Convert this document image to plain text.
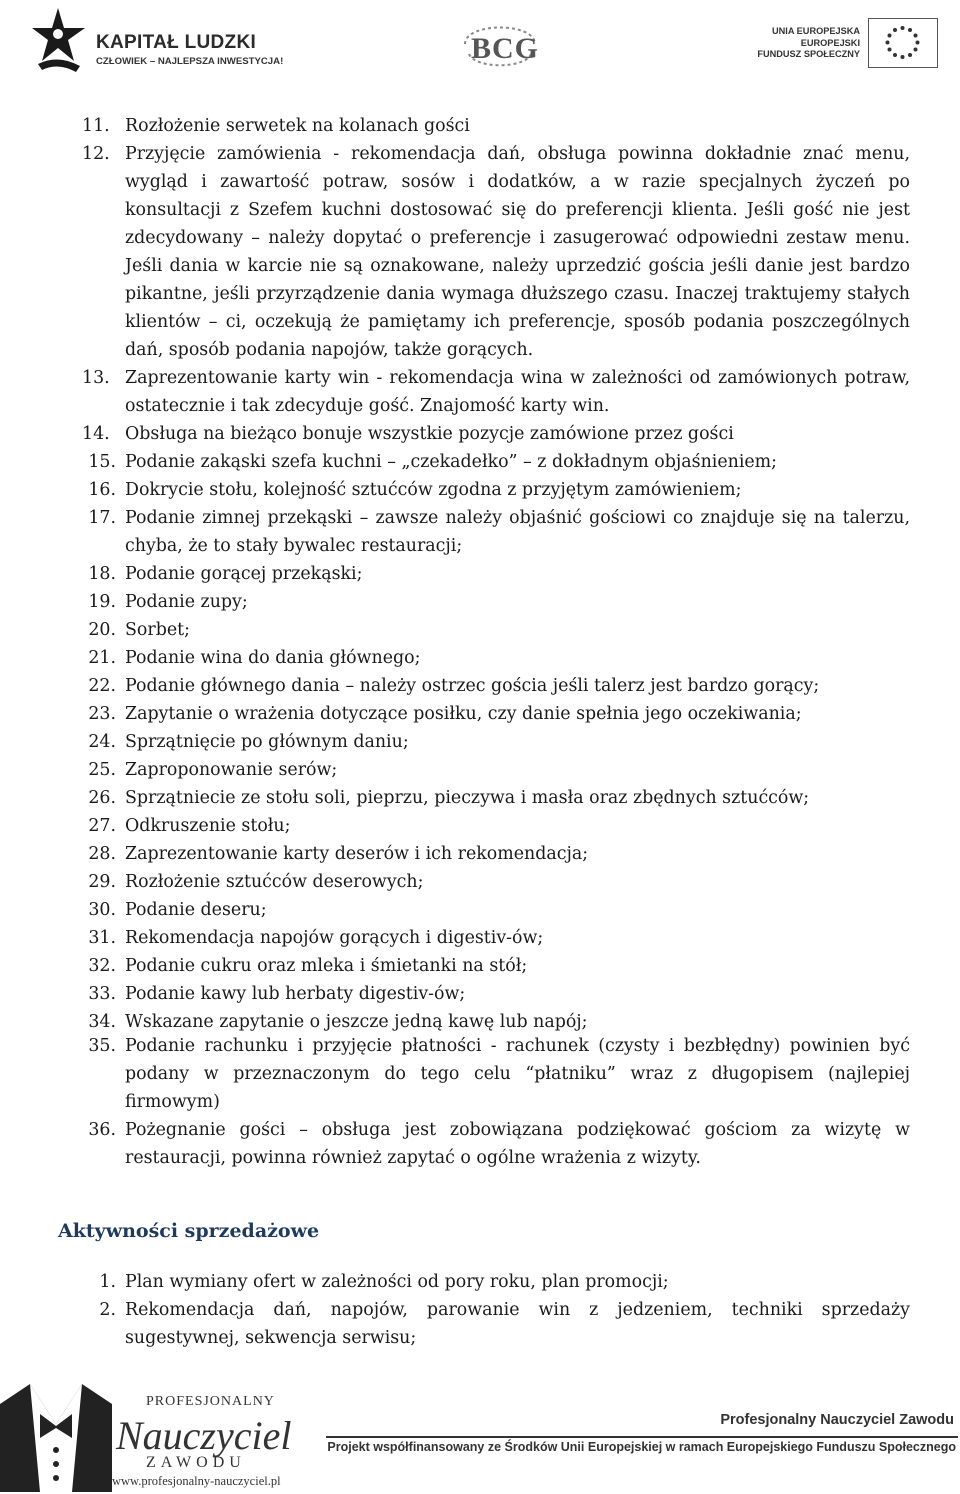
KAPITAŁ LUDZKI
CZŁOWIEK – NAJLEPSZA INWESTYCJA!	BCG
UNIA EUROPEJSKA
EUROPEJSKI
FUNDUSZ SPOŁECZNY
11. Rozłożenie serwetek na kolanach gości
12. Przyjęcie zamówienia - rekomendacja dań, obsługa powinna dokładnie znać menu, wygląd i zawartość potraw, sosów i dodatków, a w razie specjalnych życzeń po konsultacji z Szefem kuchni dostosować się do preferencji klienta. Jeśli gość nie jest zdecydowany – należy dopytać o preferencje i zasugerować odpowiedni zestaw menu. Jeśli dania w karcie nie są oznakowane, należy uprzedzić gościa jeśli danie jest bardzo pikantne, jeśli przyrządzenie dania wymaga dłuższego czasu. Inaczej traktujemy stałych klientów – ci, oczekują że pamiętamy ich preferencje, sposób podania poszczególnych dań, sposób podania napojów, także gorących.
13. Zaprezentowanie karty win - rekomendacja wina w zależności od zamówionych potraw, ostatecznie i tak zdecyduje gość. Znajomość karty win.
14. Obsługa na bieżąco bonuje wszystkie pozycje zamówione przez gości
15. Podanie zakąski szefa kuchni – „czekadełko” – z dokładnym objaśnieniem;
16. Dokrycie stołu, kolejność sztućców zgodna z przyjętym zamówieniem;
17. Podanie zimnej przekąski – zawsze należy objaśnić gościowi co znajduje się na talerzu, chyba, że to stały bywalec restauracji;
18. Podanie gorącej przekąski;
19. Podanie zupy;
20. Sorbet;
21. Podanie wina do dania głównego;
22. Podanie głównego dania – należy ostrzec gościa jeśli talerz jest bardzo gorący;
23. Zapytanie o wrażenia dotyczące posiłku, czy danie spełnia jego oczekiwania;
24. Sprzątnięcie po głównym daniu;
25. Zaproponowanie serów;
26. Sprzątniecie ze stołu soli, pieprzu, pieczywa i masła oraz zbędnych sztućców;
27. Odkruszenie stołu;
28. Zaprezentowanie karty deserów i ich rekomendacja;
29. Rozłożenie sztućców deserowych;
30. Podanie deseru;
31. Rekomendacja napojów gorących i digestiv-ów;
32. Podanie cukru oraz mleka i śmietanki na stół;
33. Podanie kawy lub herbaty digestiv-ów;
34. Wskazane zapytanie o jeszcze jedną kawę lub napój;
35. Podanie rachunku i przyjęcie płatności - rachunek (czysty i bezbłędny) powinien być podany w przeznaczonym do tego celu “płatniku” wraz z długopisem (najlepiej firmowym)
36. Pożegnanie gości – obsługa jest zobowiązana podziękować gościom za wizytę w restauracji, powinna również zapytać o ogólne wrażenia z wizyty.
Aktywności sprzedażowe
1. Plan wymiany ofert w zależności od pory roku, plan promocji;
2. Rekomendacja dań, napojów, parowanie win z jedzeniem, techniki sprzedaży sugestywnej, sekwencja serwisu;
PROFESJONALNY
Nauczyciel
ZAWODU
www.profesjonalny-nauczyciel.pl
Profesjonalny Nauczyciel Zawodu
Projekt współfinansowany ze Środków Unii Europejskiej w ramach Europejskiego Funduszu Społecznego
